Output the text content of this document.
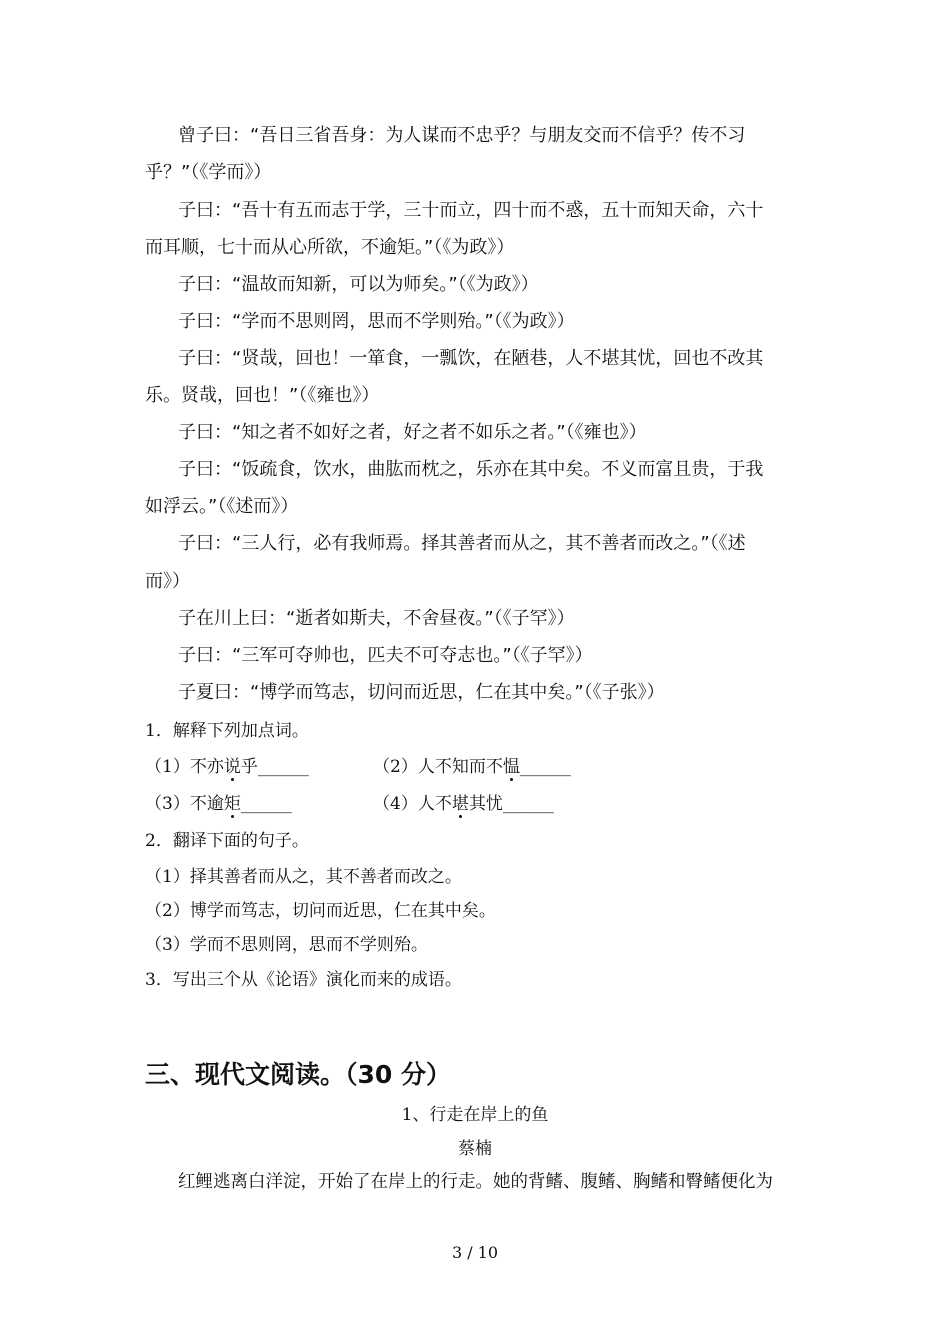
曾子曰：“吾日三省吾身：为人谋而不忠乎？与朋友交而不信乎？传不习
乎？”（《学而》）
子曰：“吾十有五而志于学，三十而立，四十而不惑，五十而知天命，六十
而耳顺，七十而从心所欲，不逾矩。”（《为政》）
子曰：“温故而知新，可以为师矣。”（《为政》）
子曰：“学而不思则罔，思而不学则殆。”（《为政》）
子曰：“贤哉，回也！一箪食，一瓢饮，在陋巷，人不堪其忧，回也不改其
乐。贤哉，回也！”（《雍也》）
子曰：“知之者不如好之者，好之者不如乐之者。”（《雍也》）
子曰：“饭疏食，饮水，曲肱而枕之，乐亦在其中矣。不义而富且贵，于我
如浮云。”（《述而》）
子曰：“三人行，必有我师焉。择其善者而从之，其不善者而改之。”（《述
而》）
子在川上曰：“逝者如斯夫，不舍昼夜。”（《子罕》）
子曰：“三军可夺帅也，匹夫不可夺志也。”（《子罕》）
子夏曰：“博学而笃志，切问而近思，仁在其中矣。”（《子张》）
1．解释下列加点词。
（1）不亦说乎______	（2）人不知而不愠______
（3）不逾矩______	（4）人不堪其忧______
2．翻译下面的句子。
（1）择其善者而从之，其不善者而改之。
（2）博学而笃志，切问而近思，仁在其中矣。
（3）学而不思则罔，思而不学则殆。
3．写出三个从《论语》演化而来的成语。
三、现代文阅读。（30 分）
1、行走在岸上的鱼
蔡楠
红鲤逃离白洋淀，开始了在岸上的行走。她的背鳍、腹鳍、胸鳍和臀鳍便化为
3 / 10
